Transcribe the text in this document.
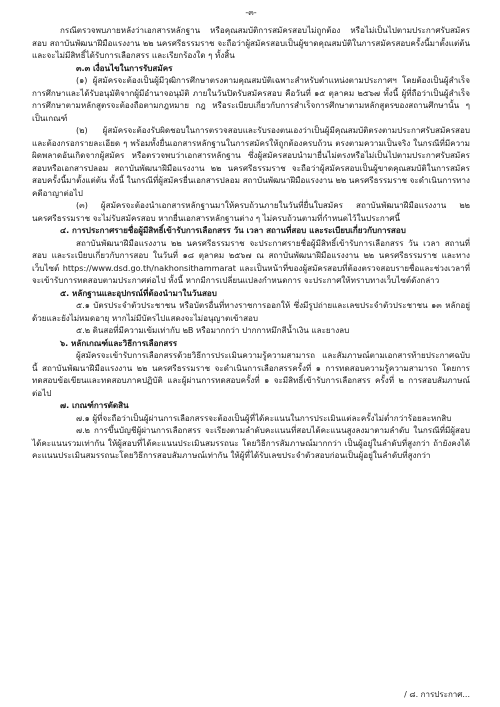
-๓-

กรณีตรวจพบภายหลังว่าเอกสารหลักฐาน หรือคุณสมบัติการสมัครสอบไม่ถูกต้อง หรือไม่เป็นไปตามประกาศรับสมัครสอบ สถาบันพัฒนาฝีมือแรงงาน ๒๒ นครศรีธรรมราช จะถือว่าผู้สมัครสอบเป็นผู้ขาดคุณสมบัติในการสมัครสอบครั้งนี้มาตั้งแต่ต้น และจะไม่มีสิทธิ์ได้รับการเลือกสรร และเรียกร้องใด ๆ ทั้งสิ้น

๓.๓ เงื่อนไขในการรับสมัคร

(๑) ผู้สมัครจะต้องเป็นผู้มีวุฒิการศึกษาตรงตามคุณสมบัติเฉพาะสำหรับตำแหน่งตามประกาศฯ โดยต้องเป็นผู้สำเร็จการศึกษาและได้รับอนุมัติจากผู้มีอำนาจอนุมัติ ภายในวันปิดรับสมัครสอบ คือวันที่ ๑๕ ตุลาคม ๒๕๖๗ ทั้งนี้ ผู้ที่ถือว่าเป็นผู้สำเร็จการศึกษาตามหลักสูตรจะต้องถือตามกฎหมาย กฎ หรือระเบียบเกี่ยวกับการสำเร็จการศึกษาตามหลักสูตรของสถานศึกษานั้น ๆ เป็นเกณฑ์

(๒) ผู้สมัครจะต้องรับผิดชอบในการตรวจสอบและรับรองตนเองว่าเป็นผู้มีคุณสมบัติตรงตามประกาศรับสมัครสอบ และต้องกรอกรายละเอียด ๆ พร้อมทั้งยื่นเอกสารหลักฐานในการสมัครให้ถูกต้องครบถ้วน ตรงตามความเป็นจริง ในกรณีที่มีความผิดพลาดอันเกิดจากผู้สมัคร หรือตรวจพบว่าเอกสารหลักฐาน ซึ่งผู้สมัครสอบนำมายื่นไม่ตรงหรือไม่เป็นไปตามประกาศรับสมัครสอบหรือเอกสารปลอม สถาบันพัฒนาฝีมือแรงงาน ๒๒ นครศรีธรรมราช จะถือว่าผู้สมัครสอบเป็นผู้ขาดคุณสมบัติในการสมัครสอบครั้งนี้มาตั้งแต่ต้น ทั้งนี้ ในกรณีที่ผู้สมัครยื่นเอกสารปลอม สถาบันพัฒนาฝีมือแรงงาน ๒๒ นครศรีธรรมราช จะดำเนินการทางคดีอาญาต่อไป

(๓) ผู้สมัครจะต้องนำเอกสารหลักฐานมาให้ครบถ้วนภายในวันที่ยื่นใบสมัคร สถาบันพัฒนาฝีมือแรงงาน ๒๒ นครศรีธรรมราช จะไม่รับสมัครสอบ หากยื่นเอกสารหลักฐานต่าง ๆ ไม่ครบถ้วนตามที่กำหนดไว้ในประกาศนี้

๔. การประกาศรายชื่อผู้มีสิทธิ์เข้ารับการเลือกสรร วัน เวลา สถานที่สอบ และระเบียบเกี่ยวกับการสอบ

สถาบันพัฒนาฝีมือแรงงาน ๒๒ นครศรีธรรมราช จะประกาศรายชื่อผู้มีสิทธิ์เข้ารับการเลือกสรร วัน เวลา สถานที่สอบ และระเบียบเกี่ยวกับการสอบ ในวันที่ ๑๘ ตุลาคม ๒๕๖๗ ณ สถาบันพัฒนาฝีมือแรงงาน ๒๒ นครศรีธรรมราช และทางเว็บไซต์ https://www.dsd.go.th/nakhonsithammarat และเป็นหน้าที่ของผู้สมัครสอบที่ต้องตรวจสอบรายชื่อและช่วงเวลาที่จะเข้ารับการทดสอบตามประกาศต่อไป ทั้งนี้ หากมีการเปลี่ยนแปลงกำหนดการ จะประกาศให้ทราบทางเว็บไซต์ดังกล่าว

๕. หลักฐานและอุปกรณ์ที่ต้องนำมาในวันสอบ

๕.๑ บัตรประจำตัวประชาชน หรือบัตรอื่นที่ทางราชการออกให้ ซึ่งมีรูปถ่ายและเลขประจำตัวประชาชน ๑๓ หลักอยู่ด้วยและยังไม่หมดอายุ หากไม่มีบัตรไปแสดงจะไม่อนุญาตเข้าสอบ

๕.๒ ดินสอที่มีความเข้มเท่ากับ ๒B หรือมากกว่า ปากกาหมึกสีน้ำเงิน และยางลบ

๖. หลักเกณฑ์และวิธีการเลือกสรร

ผู้สมัครจะเข้ารับการเลือกสรรด้วยวิธีการประเมินความรู้ความสามารถ และสัมภาษณ์ตามเอกสารท้ายประกาศฉบับนี้ สถาบันพัฒนาฝีมือแรงงาน ๒๒ นครศรีธรรมราช จะดำเนินการเลือกสรรครั้งที่ ๑ การทดสอบความรู้ความสามารถ โดยการทดสอบข้อเขียนและทดสอบภาคปฏิบัติ และผู้ผ่านการทดสอบครั้งที่ ๑ จะมีสิทธิ์เข้ารับการเลือกสรร ครั้งที่ ๒ การสอบสัมภาษณ์ ต่อไป

๗. เกณฑ์การตัดสิน

๗.๑ ผู้ที่จะถือว่าเป็นผู้ผ่านการเลือกสรรจะต้องเป็นผู้ที่ได้คะแนนในการประเมินแต่ละครั้งไม่ต่ำกว่าร้อยละหกสิบ

๗.๒ การขึ้นบัญชีผู้ผ่านการเลือกสรร จะเรียงตามลำดับคะแนนที่สอบได้คะแนนสูงลงมาตามลำดับ ในกรณีที่มีผู้สอบได้คะแนนรวมเท่ากัน ให้ผู้สอบที่ได้คะแนนประเมินสมรรถนะ โดยวิธีการสัมภาษณ์มากกว่า เป็นผู้อยู่ในลำดับที่สูงกว่า ถ้ายังคงได้คะแนนประเมินสมรรถนะโดยวิธีการสอบสัมภาษณ์เท่ากัน ให้ผู้ที่ได้รับเลขประจำตัวสอบก่อนเป็นผู้อยู่ในลำดับที่สูงกว่า

/ ๘. การประกาศ...
